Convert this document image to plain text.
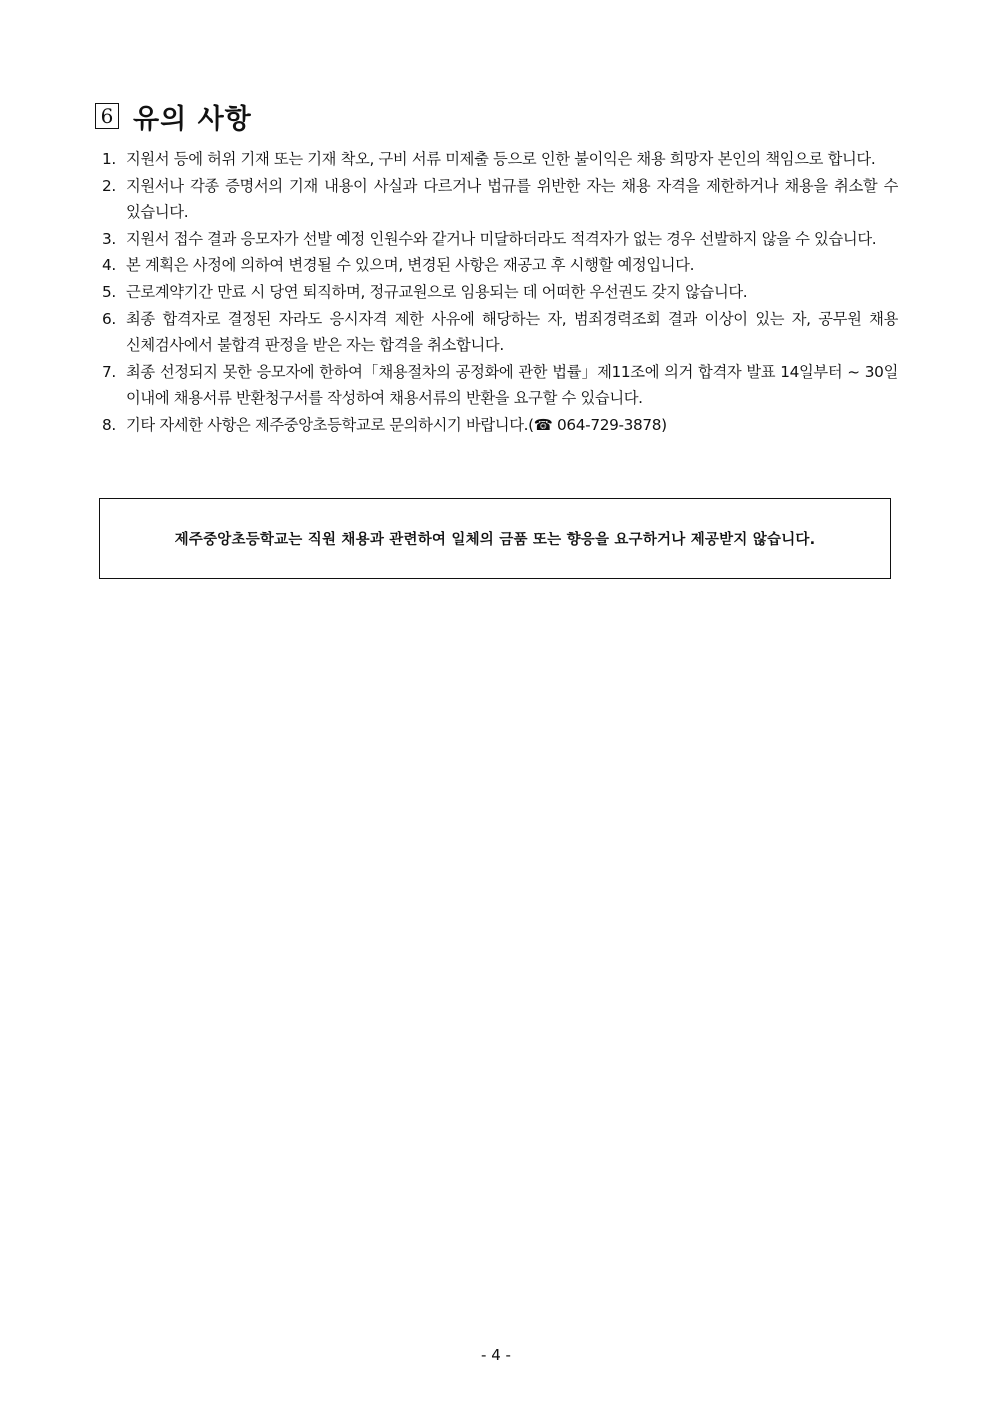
6 유의 사항
1. 지원서 등에 허위 기재 또는 기재 착오, 구비 서류 미제출 등으로 인한 불이익은 채용 희망자 본인의 책임으로 합니다.
2. 지원서나 각종 증명서의 기재 내용이 사실과 다르거나 법규를 위반한 자는 채용 자격을 제한하거나 채용을 취소할 수 있습니다.
3. 지원서 접수 결과 응모자가 선발 예정 인원수와 같거나 미달하더라도 적격자가 없는 경우 선발하지 않을 수 있습니다.
4. 본 계획은 사정에 의하여 변경될 수 있으며, 변경된 사항은 재공고 후 시행할 예정입니다.
5. 근로계약기간 만료 시 당연 퇴직하며, 정규교원으로 임용되는 데 어떠한 우선권도 갖지 않습니다.
6. 최종 합격자로 결정된 자라도 응시자격 제한 사유에 해당하는 자, 범죄경력조회 결과 이상이 있는 자, 공무원 채용 신체검사에서 불합격 판정을 받은 자는 합격을 취소합니다.
7. 최종 선정되지 못한 응모자에 한하여「채용절차의 공정화에 관한 법률」제11조에 의거 합격자 발표 14일부터 ~ 30일 이내에 채용서류 반환청구서를 작성하여 채용서류의 반환을 요구할 수 있습니다.
8. 기타 자세한 사항은 제주중앙초등학교로 문의하시기 바랍니다.(☎ 064-729-3878)
제주중앙초등학교는 직원 채용과 관련하여 일체의 금품 또는 향응을 요구하거나 제공받지 않습니다.
- 4 -
